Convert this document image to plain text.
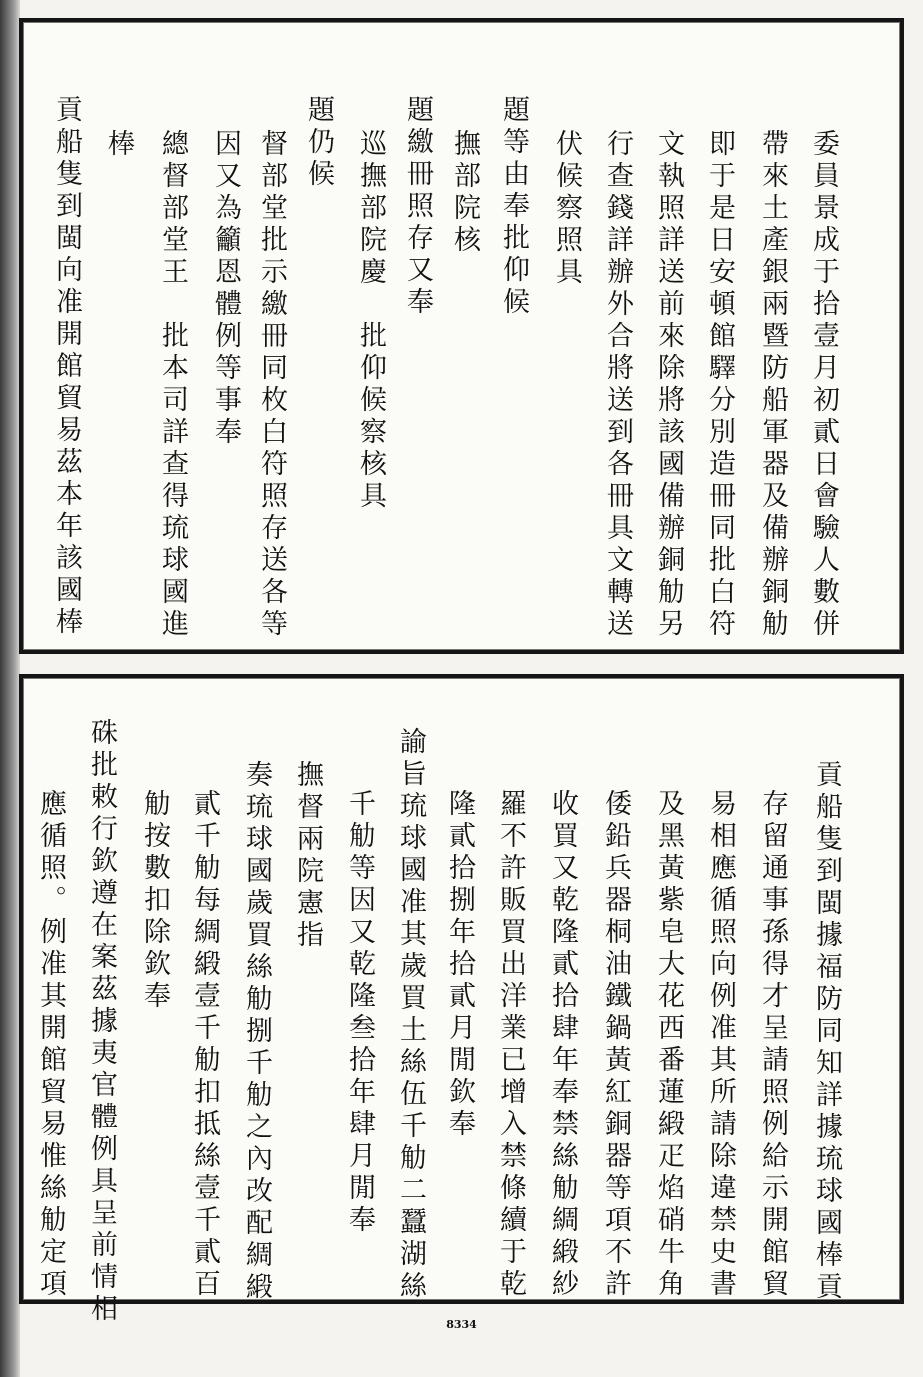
委員景成于拾壹月初貳日會驗人數併
帶來土產銀兩暨防船軍器及備辦銅觔
即于是日安頓館驛分別造冊同批白符
文執照詳送前來除將該國備辦銅觔另
行查錢詳辦外合將送到各冊具文轉送
伏候察照具
題等由奉批仰候
撫部院核
題繳冊照存又奉
巡撫部院慶　批仰候察核具
題仍候
督部堂批示繳冊同枚白符照存送各等
因又為籲恩體例等事奉
總督部堂王　批本司詳查得琉球國進
棒
貢船隻到閩向准開館貿易茲本年該國棒
貢船隻到閩據福防同知詳據琉球國棒貢
存留通事孫得才呈請照例給示開館貿
易相應循照向例准其所請除違禁史書
及黑黃紫皂大花西番蓮緞疋焰硝牛角
倭鉛兵器桐油鐵鍋黃紅銅器等項不許
收買又乾隆貳拾肆年奉禁絲觔綢緞紗
羅不許販買出洋業已增入禁條續于乾
隆貳拾捌年拾貳月閒欽奉
諭旨琉球國准其歲買土絲伍千觔二蠶湖絲
千觔等因又乾隆叁拾年肆月閒奉
撫督兩院憲指
奏琉球國歲買絲觔捌千觔之內改配綢緞
貳千觔每綢緞壹千觔扣抵絲壹千貳百
觔按數扣除欽奉
硃批敕行欽遵在案茲據夷官體例具呈前情相
應循照。例准其開館貿易惟絲觔定項
8334
